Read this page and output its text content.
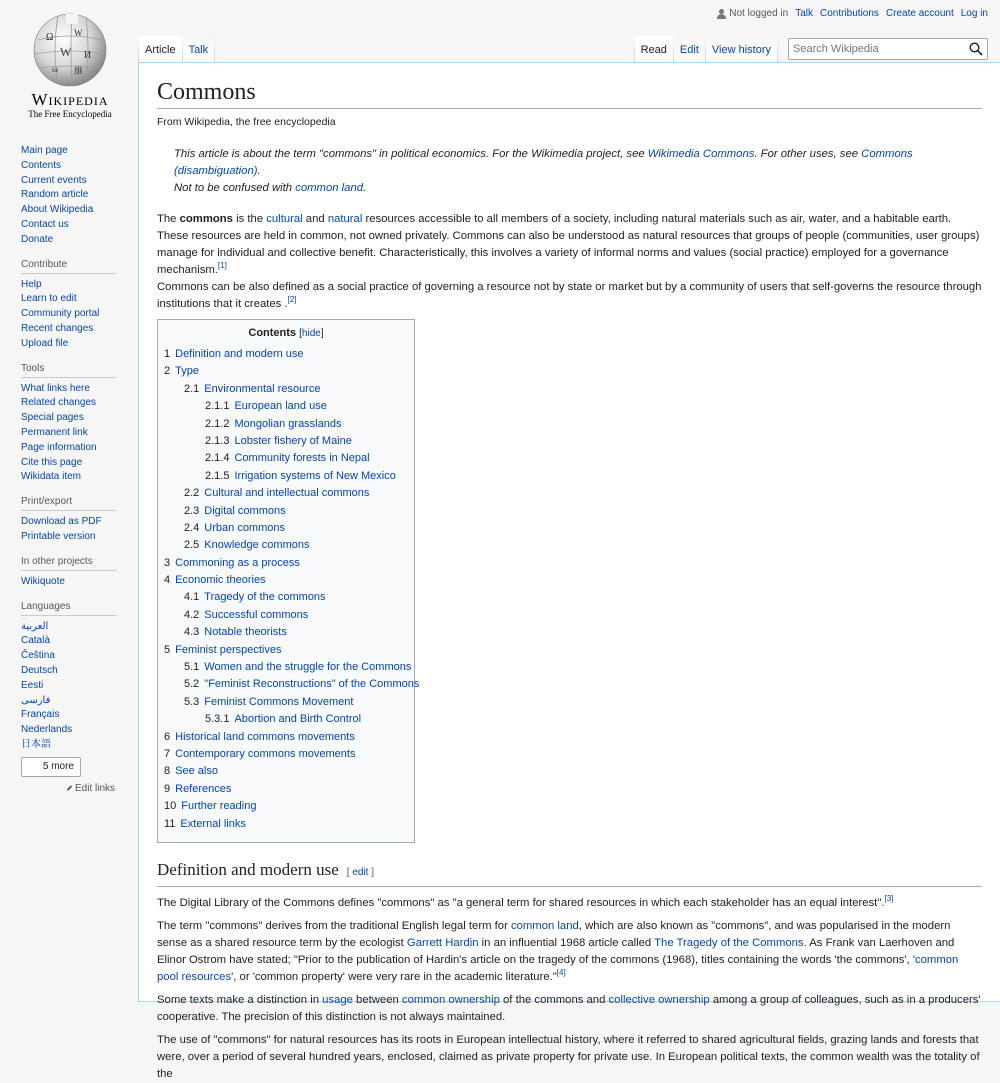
Not logged in Talk Contributions Create account Log in
Ω W
W И
ω 維
Wikipedia
The Free Encyclopedia
Main page
Contents
Current events
Random article
About Wikipedia
Contact us
Donate
Contribute
Help
Learn to edit
Community portal
Recent changes
Upload file
Tools
What links here
Related changes
Special pages
Permanent link
Page information
Cite this page
Wikidata item
Print/export
Download as PDF
Printable version
In other projects
Wikiquote
Languages
العربية
Català
Čeština
Deutsch
Eesti
فارسی
Français
Nederlands
日本語
5 more
Edit links
Article	Talk	Read	Edit	View history
Search Wikipedia
Commons
From Wikipedia, the free encyclopedia

This article is about the term "commons" in political economics. For the Wikimedia project, see Wikimedia Commons. For other uses, see Commons (disambiguation).

Not to be confused with common land.

The commons is the cultural and natural resources accessible to all members of a society, including natural materials such as air, water, and a habitable earth. These resources are held in common, not owned privately. Commons can also be understood as natural resources that groups of people (communities, user groups) manage for individual and collective benefit. Characteristically, this involves a variety of informal norms and values (social practice) employed for a governance mechanism.[1]

Commons can be also defined as a social practice of governing a resource not by state or market but by a community of users that self-governs the resource through institutions that it creates .[2]

Contents [hide]
1 Definition and modern use
2 Type
2.1 Environmental resource
2.1.1 European land use
2.1.2 Mongolian grasslands
2.1.3 Lobster fishery of Maine
2.1.4 Community forests in Nepal
2.1.5 Irrigation systems of New Mexico
2.2 Cultural and intellectual commons
2.3 Digital commons
2.4 Urban commons
2.5 Knowledge commons
3 Commoning as a process
4 Economic theories
4.1 Tragedy of the commons
4.2 Successful commons
4.3 Notable theorists
5 Feminist perspectives
5.1 Women and the struggle for the Commons
5.2 "Feminist Reconstructions" of the Commons
5.3 Feminist Commons Movement
5.3.1 Abortion and Birth Control
6 Historical land commons movements
7 Contemporary commons movements
8 See also
9 References
10 Further reading
11 External links
Definition and modern use [ edit ]

The Digital Library of the Commons defines "commons" as "a general term for shared resources in which each stakeholder has an equal interest".[3]

The term "commons" derives from the traditional English legal term for common land, which are also known as "commons", and was popularised in the modern sense as a shared resource term by the ecologist Garrett Hardin in an influential 1968 article called The Tragedy of the Commons. As Frank van Laerhoven and Elinor Ostrom have stated; "Prior to the publication of Hardin's article on the tragedy of the commons (1968), titles containing the words 'the commons', 'common pool resources', or 'common property' were very rare in the academic literature."[4]

Some texts make a distinction in usage between common ownership of the commons and collective ownership among a group of colleagues, such as in a producers' cooperative. The precision of this distinction is not always maintained.

The use of "commons" for natural resources has its roots in European intellectual history, where it referred to shared agricultural fields, grazing lands and forests that were, over a period of several hundred years, enclosed, claimed as private property for private use. In European political texts, the common wealth was the totality of the
